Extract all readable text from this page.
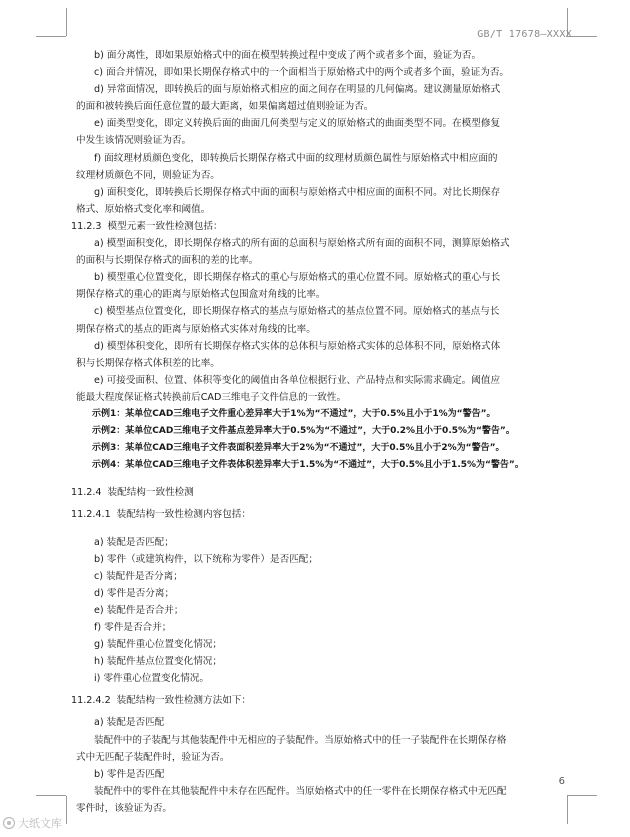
GB/T 17678—XXXX

b) 面分离性，即如果原始格式中的面在模型转换过程中变成了两个或者多个面，验证为否。

c) 面合并情况，即如果长期保存格式中的一个面相当于原始格式中的两个或者多个面，验证为否。

d) 异常面情况，即转换后的面与原始格式相应的面之间存在明显的几何偏离。建议测量原始格式

的面和被转换后面任意位置的最大距离，如果偏离超过值则验证为否。

e) 面类型变化，即定义转换后面的曲面几何类型与定义的原始格式的曲面类型不同。在模型修复

中发生该情况则验证为否。

f) 面纹理材质颜色变化，即转换后长期保存格式中面的纹理材质颜色属性与原始格式中相应面的

纹理材质颜色不同，则验证为否。

g) 面积变化，即转换后长期保存格式中面的面积与原始格式中相应面的面积不同。对比长期保存

格式、原始格式变化率和阈值。

11.2.3 模型元素一致性检测包括：

a) 模型面积变化，即长期保存格式的所有面的总面积与原始格式所有面的面积不同，测算原始格式

的面积与长期保存格式的面积的差的比率。

b) 模型重心位置变化，即长期保存格式的重心与原始格式的重心位置不同。原始格式的重心与长

期保存格式的重心的距离与原始格式包围盒对角线的比率。

c) 模型基点位置变化，即长期保存格式的基点与原始格式的基点位置不同。原始格式的基点与长

期保存格式的基点的距离与原始格式实体对角线的比率。

d) 模型体积变化，即所有长期保存格式实体的总体积与原始格式实体的总体积不同，原始格式体

积与长期保存格式体积差的比率。

e) 可接受面积、位置、体积等变化的阈值由各单位根据行业、产品特点和实际需求确定。阈值应

能最大程度保证格式转换前后CAD三维电子文件信息的一致性。

示例1：某单位CAD三维电子文件重心差异率大于1%为“不通过”，大于0.5%且小于1%为“警告”。

示例2：某单位CAD三维电子文件基点差异率大于0.5%为“不通过”，大于0.2%且小于0.5%为“警告”。

示例3：某单位CAD三维电子文件表面积差异率大于2%为“不通过”，大于0.5%且小于2%为“警告”。

示例4：某单位CAD三维电子文件表体积差异率大于1.5%为“不通过”，大于0.5%且小于1.5%为“警告”。

11.2.4 装配结构一致性检测

11.2.4.1 装配结构一致性检测内容包括：

a) 装配是否匹配；

b) 零件（或建筑构件，以下统称为零件）是否匹配；

c) 装配件是否分离；

d) 零件是否分离；

e) 装配件是否合并；

f) 零件是否合并；

g) 装配件重心位置变化情况；

h) 装配件基点位置变化情况；

i) 零件重心位置变化情况。

11.2.4.2 装配结构一致性检测方法如下：

a) 装配是否匹配

装配件中的子装配与其他装配件中无相应的子装配件。当原始格式中的任一子装配件在长期保存格

式中无匹配子装配件时，验证为否。

b) 零件是否匹配

装配件中的零件在其他装配件中未存在匹配件。当原始格式中的任一零件在长期保存格式中无匹配

零件时，该验证为否。

6
大纸文库
